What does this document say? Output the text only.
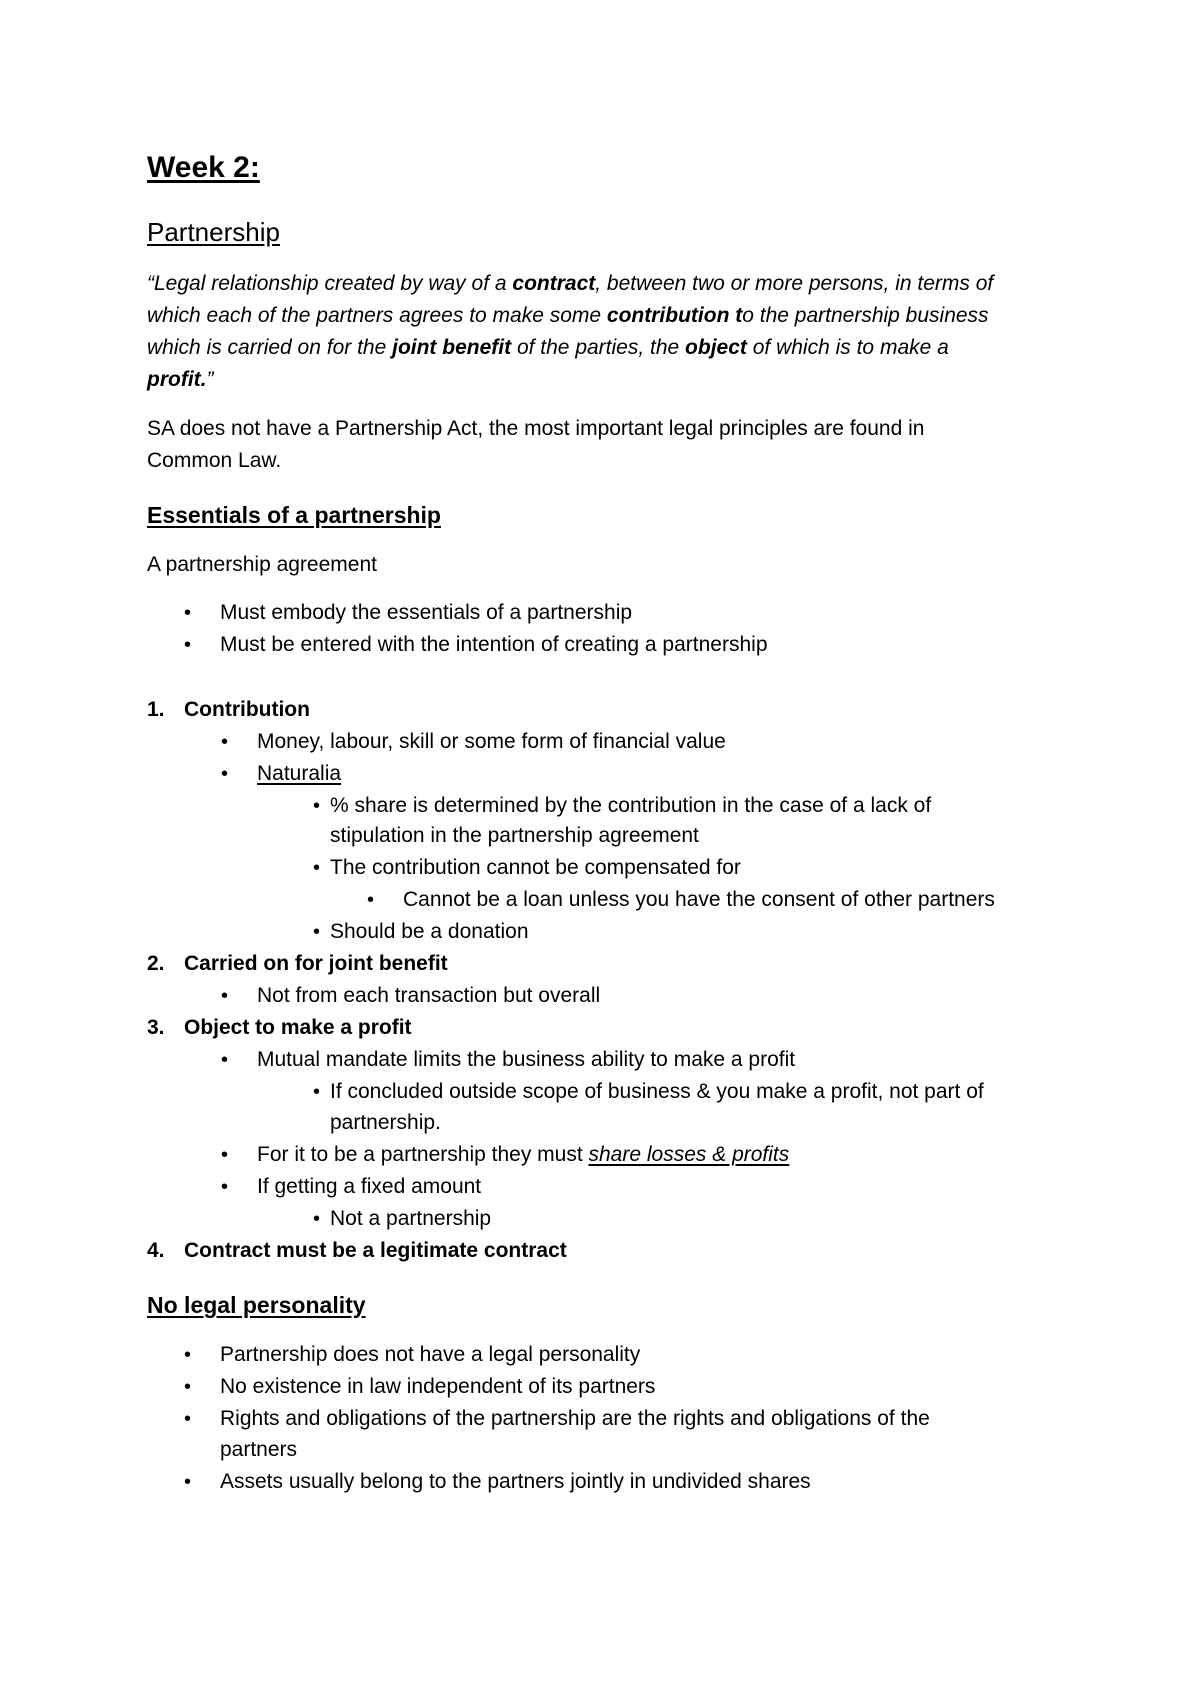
Week 2:
Partnership
“Legal relationship created by way of a contract, between two or more persons, in terms of
which each of the partners agrees to make some contribution to the partnership business
which is carried on for the joint benefit of the parties, the object of which is to make a
profit.”
SA does not have a Partnership Act, the most important legal principles are found in
Common Law.
Essentials of a partnership
A partnership agreement
• Must embody the essentials of a partnership
• Must be entered with the intention of creating a partnership
1. Contribution
• Money, labour, skill or some form of financial value
• Naturalia
• % share is determined by the contribution in the case of a lack of
stipulation in the partnership agreement
• The contribution cannot be compensated for
• Cannot be a loan unless you have the consent of other partners
• Should be a donation
2. Carried on for joint benefit
• Not from each transaction but overall
3. Object to make a profit
• Mutual mandate limits the business ability to make a profit
• If concluded outside scope of business & you make a profit, not part of
partnership.
• For it to be a partnership they must share losses & profits
• If getting a fixed amount
• Not a partnership
4. Contract must be a legitimate contract
No legal personality
• Partnership does not have a legal personality
• No existence in law independent of its partners
• Rights and obligations of the partnership are the rights and obligations of the
partners
• Assets usually belong to the partners jointly in undivided shares
